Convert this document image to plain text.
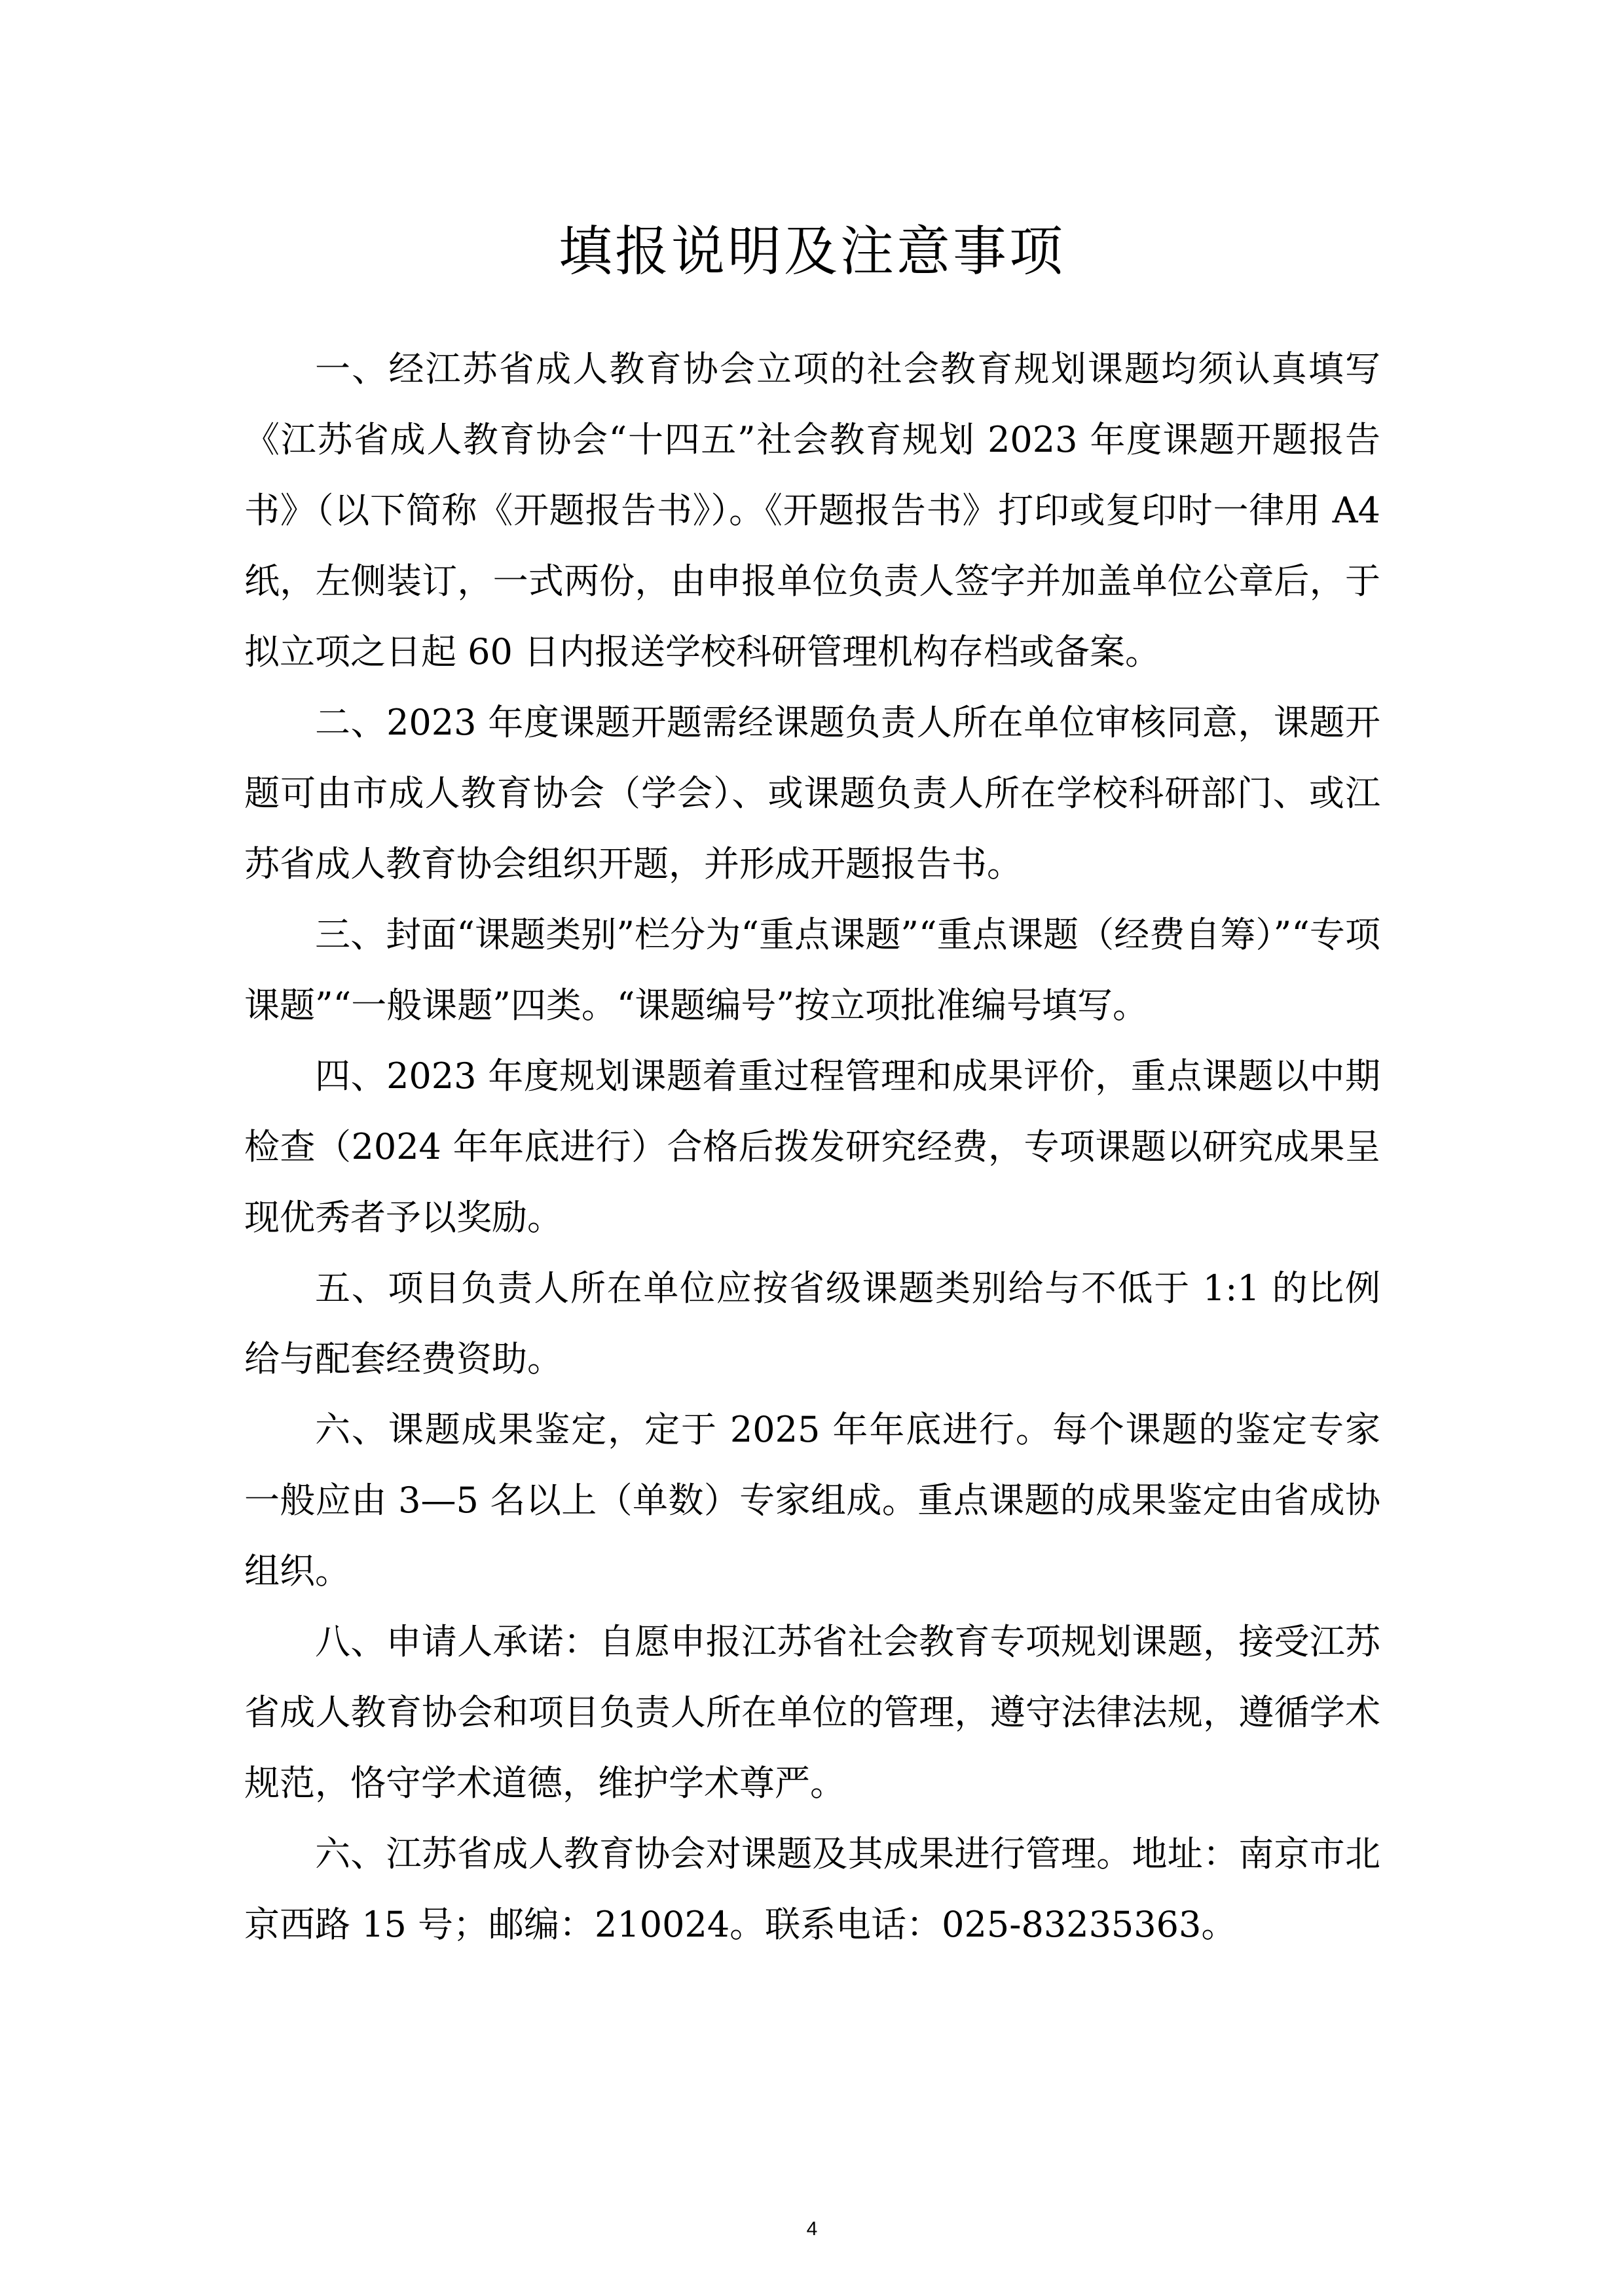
填报说明及注意事项

一、经江苏省成人教育协会立项的社会教育规划课题均须认真填写《江苏省成人教育协会“十四五”社会教育规划 2023 年度课题开题报告书》（以下简称《开题报告书》）。《开题报告书》打印或复印时一律用 A4 纸，左侧装订，一式两份，由申报单位负责人签字并加盖单位公章后，于拟立项之日起 60 日内报送学校科研管理机构存档或备案。

二、2023 年度课题开题需经课题负责人所在单位审核同意，课题开题可由市成人教育协会（学会）、或课题负责人所在学校科研部门、或江苏省成人教育协会组织开题，并形成开题报告书。

三、封面“课题类别”栏分为“重点课题”“重点课题（经费自筹）”“专项课题”“一般课题”四类。“课题编号”按立项批准编号填写。

四、2023 年度规划课题着重过程管理和成果评价，重点课题以中期检查（2024 年年底进行）合格后拨发研究经费，专项课题以研究成果呈现优秀者予以奖励。

五、项目负责人所在单位应按省级课题类别给与不低于 1:1 的比例给与配套经费资助。

六、课题成果鉴定，定于 2025 年年底进行。每个课题的鉴定专家一般应由 3—5 名以上（单数）专家组成。重点课题的成果鉴定由省成协组织。

八、申请人承诺：自愿申报江苏省社会教育专项规划课题，接受江苏省成人教育协会和项目负责人所在单位的管理，遵守法律法规，遵循学术规范，恪守学术道德，维护学术尊严。

六、江苏省成人教育协会对课题及其成果进行管理。地址：南京市北京西路 15 号；邮编：210024。联系电话：025-83235363。

4
